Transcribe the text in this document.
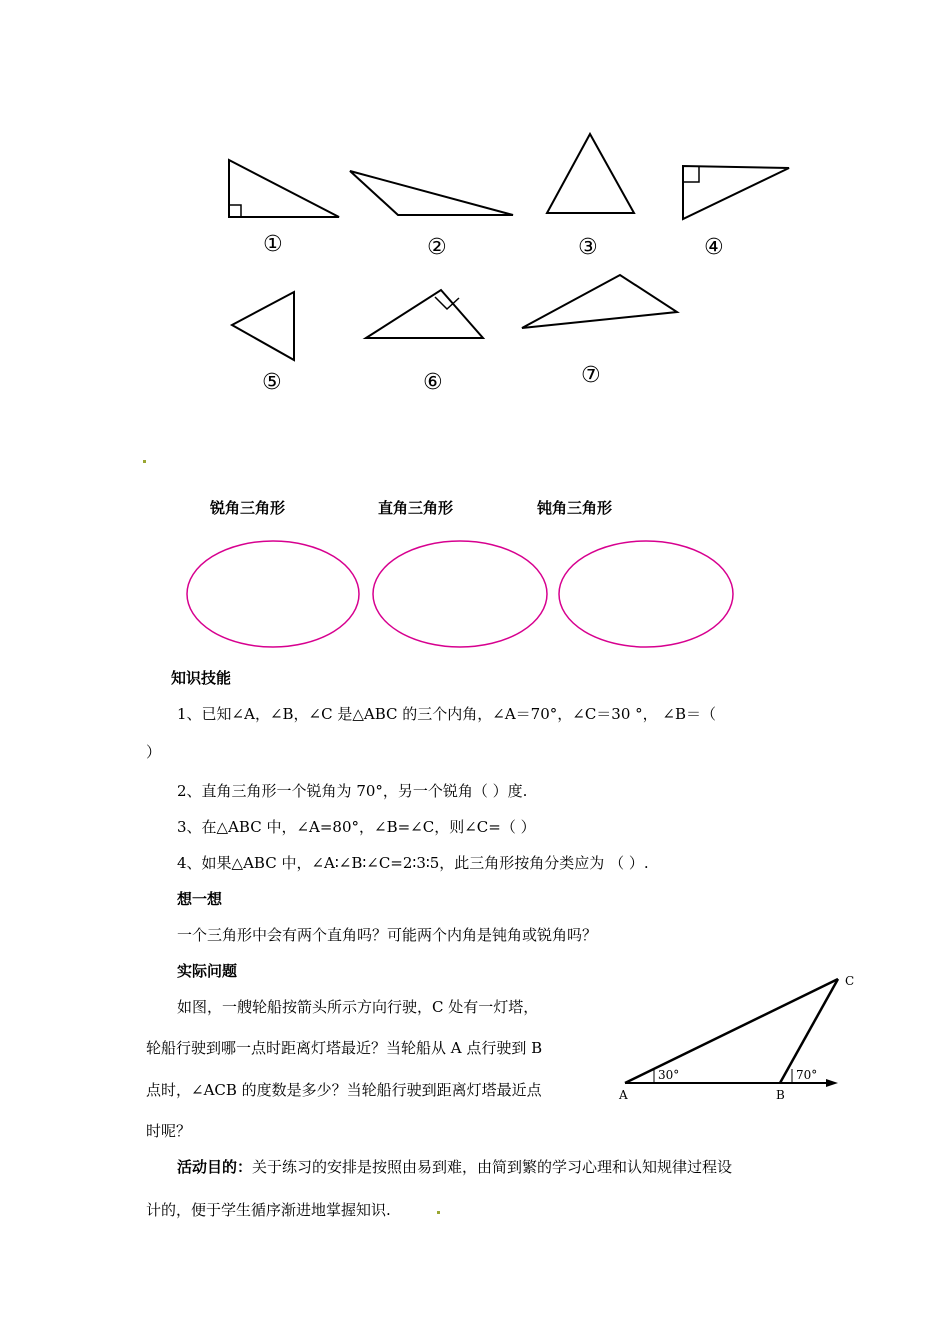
①	②	③	④
⑤	⑥	⑦
锐角三角形	直角三角形	钝角三角形
知识技能
1、已知∠A，∠B，∠C 是△ABC 的三个内角，∠A＝70°，∠C＝30 °， ∠B＝（
）
2、直角三角形一个锐角为 70°，另一个锐角（ ）度.
3、在△ABC 中，∠A=80°，∠B=∠C，则∠C=（ ）
4、如果△ABC 中，∠A∶∠B∶∠C=2∶3∶5，此三角形按角分类应为 （ ）.
想一想
一个三角形中会有两个直角吗？可能两个内角是钝角或锐角吗？
实际问题
如图，一艘轮船按箭头所示方向行驶，C 处有一灯塔，
轮船行驶到哪一点时距离灯塔最近？当轮船从 A 点行驶到 B
点时，∠ACB 的度数是多少？当轮船行驶到距离灯塔最近点
时呢？
30°	70°
A	B
C
活动目的：关于练习的安排是按照由易到难，由简到繁的学习心理和认知规律过程设
计的，便于学生循序渐进地掌握知识.
